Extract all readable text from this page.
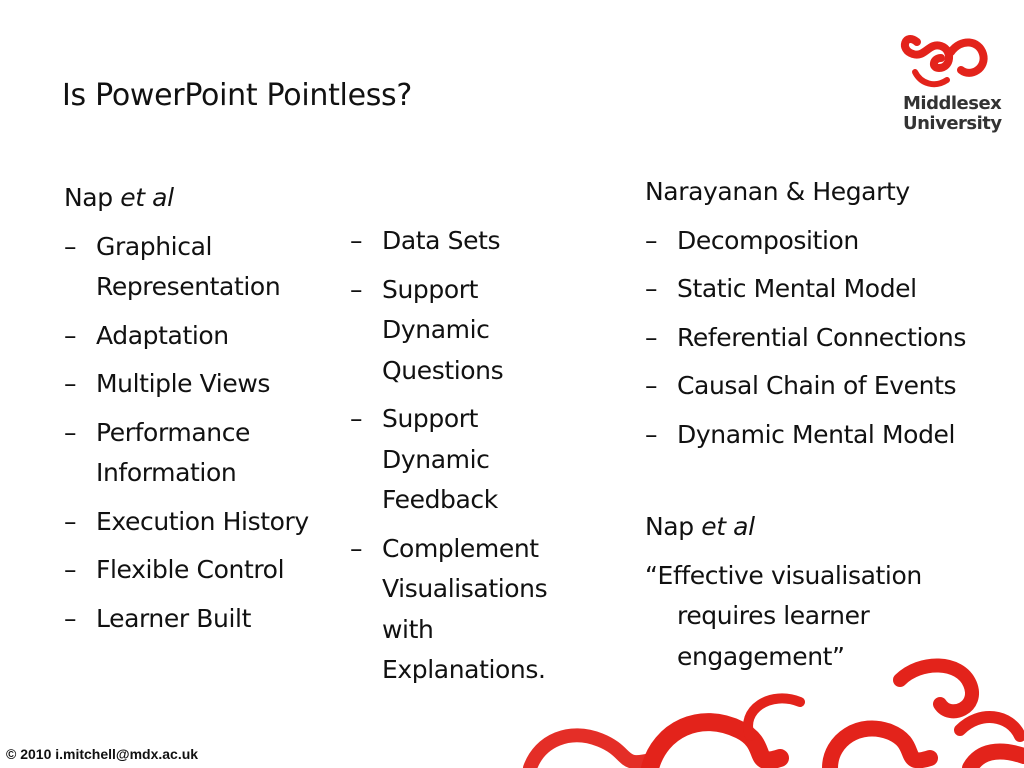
Middlesex
University
Is PowerPoint Pointless?
Nap et al
– Graphical Representation
– Adaptation
– Multiple Views
– Performance Information
– Execution History
– Flexible Control
– Learner Built
– Data Sets
– Support Dynamic Questions
– Support Dynamic Feedback
– Complement Visualisations with Explanations.
Narayanan & Hegarty
– Decomposition
– Static Mental Model
– Referential Connections
– Causal Chain of Events
– Dynamic Mental Model
Nap et al
“Effective visualisation requires learner engagement”
© 2010 i.mitchell@mdx.ac.uk
